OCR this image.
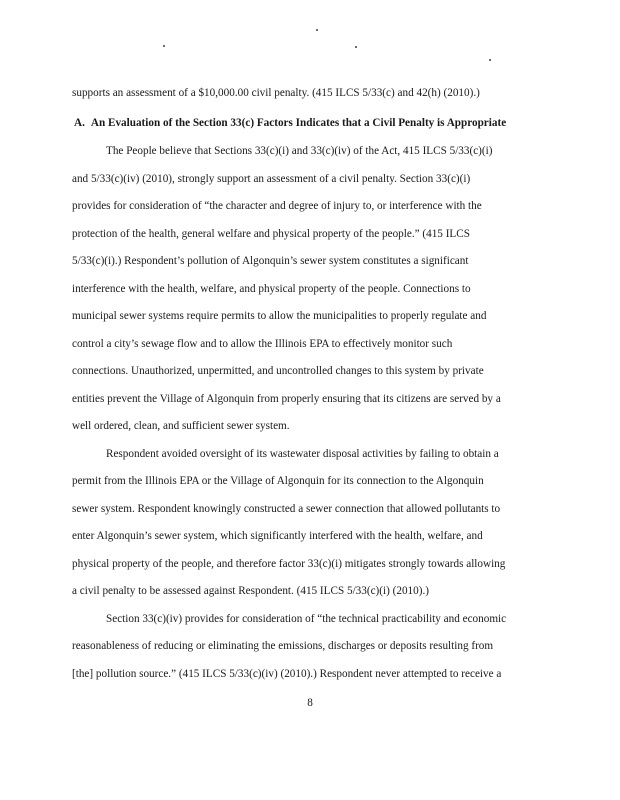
supports an assessment of a $10,000.00 civil penalty. (415 ILCS 5/33(c) and 42(h) (2010).)
A. An Evaluation of the Section 33(c) Factors Indicates that a Civil Penalty is Appropriate
The People believe that Sections 33(c)(i) and 33(c)(iv) of the Act, 415 ILCS 5/33(c)(i)
and 5/33(c)(iv) (2010), strongly support an assessment of a civil penalty. Section 33(c)(i)
provides for consideration of “the character and degree of injury to, or interference with the
protection of the health, general welfare and physical property of the people.” (415 ILCS
5/33(c)(i).) Respondent’s pollution of Algonquin’s sewer system constitutes a significant
interference with the health, welfare, and physical property of the people. Connections to
municipal sewer systems require permits to allow the municipalities to properly regulate and
control a city’s sewage flow and to allow the Illinois EPA to effectively monitor such
connections. Unauthorized, unpermitted, and uncontrolled changes to this system by private
entities prevent the Village of Algonquin from properly ensuring that its citizens are served by a
well ordered, clean, and sufficient sewer system.
Respondent avoided oversight of its wastewater disposal activities by failing to obtain a
permit from the Illinois EPA or the Village of Algonquin for its connection to the Algonquin
sewer system. Respondent knowingly constructed a sewer connection that allowed pollutants to
enter Algonquin’s sewer system, which significantly interfered with the health, welfare, and
physical property of the people, and therefore factor 33(c)(i) mitigates strongly towards allowing
a civil penalty to be assessed against Respondent. (415 ILCS 5/33(c)(i) (2010).)
Section 33(c)(iv) provides for consideration of “the technical practicability and economic
reasonableness of reducing or eliminating the emissions, discharges or deposits resulting from
[the] pollution source.” (415 ILCS 5/33(c)(iv) (2010).) Respondent never attempted to receive a
8
